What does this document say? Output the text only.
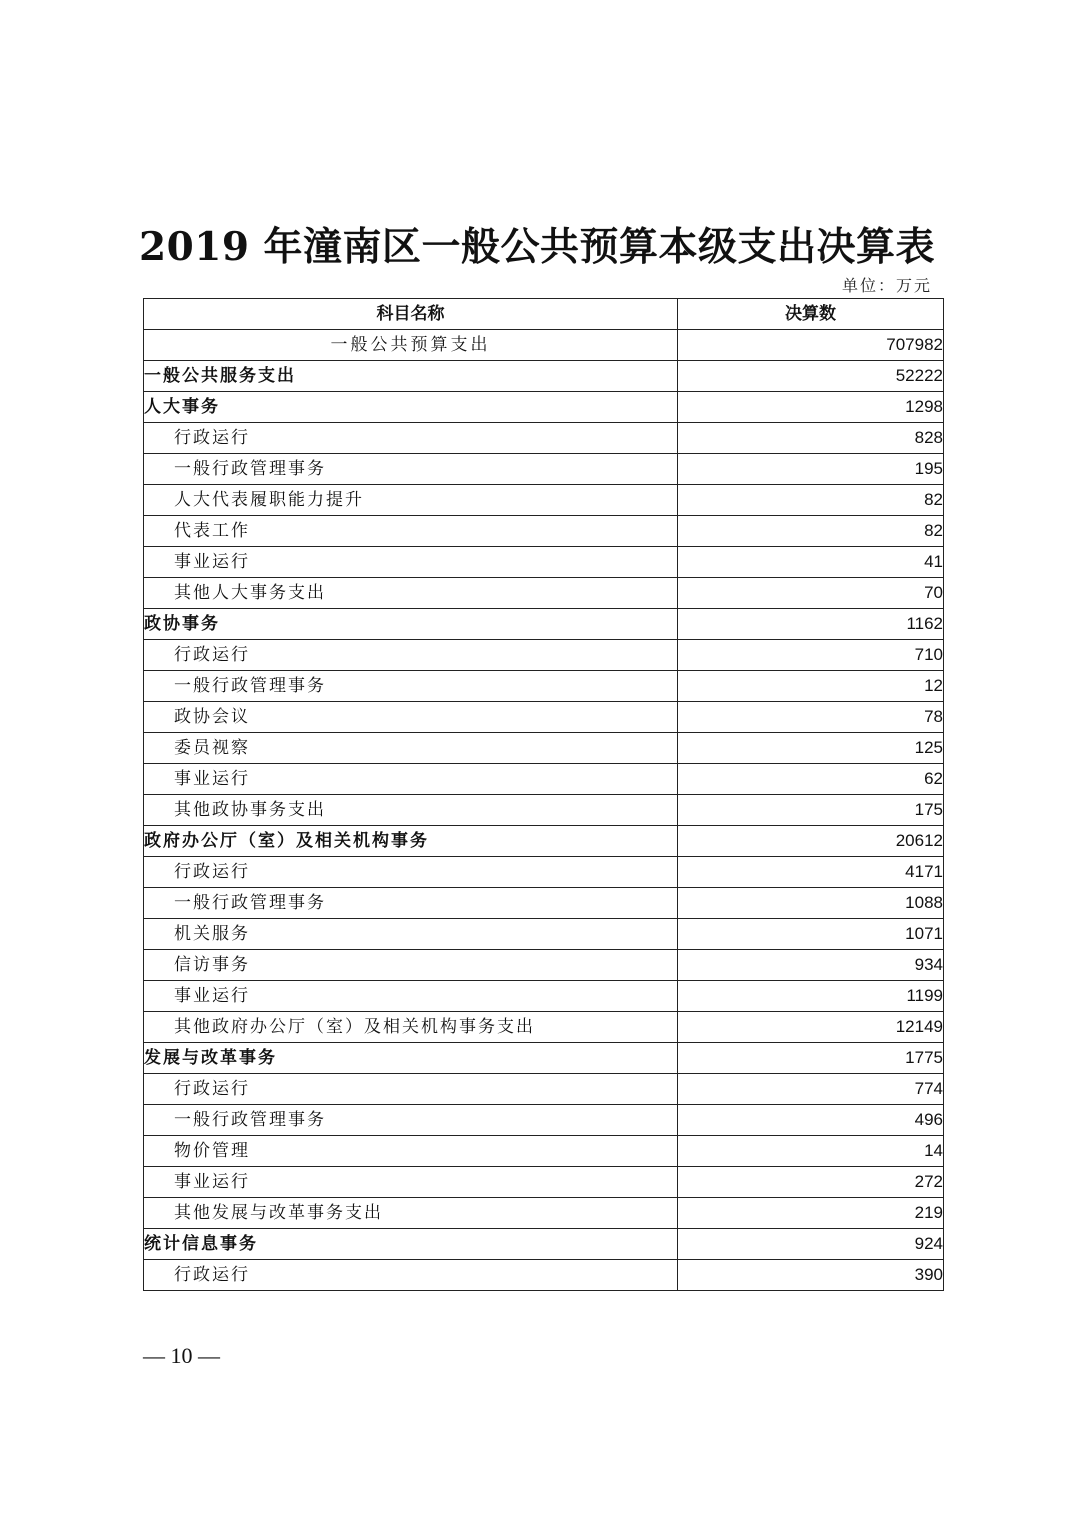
2019 年潼南区一般公共预算本级支出决算表
单位：万元
科目名称	决算数
一般公共预算支出	707982
一般公共服务支出	52222
人大事务	1298
行政运行	828
一般行政管理事务	195
人大代表履职能力提升	82
代表工作	82
事业运行	41
其他人大事务支出	70
政协事务	1162
行政运行	710
一般行政管理事务	12
政协会议	78
委员视察	125
事业运行	62
其他政协事务支出	175
政府办公厅（室）及相关机构事务	20612
行政运行	4171
一般行政管理事务	1088
机关服务	1071
信访事务	934
事业运行	1199
其他政府办公厅（室）及相关机构事务支出	12149
发展与改革事务	1775
行政运行	774
一般行政管理事务	496
物价管理	14
事业运行	272
其他发展与改革事务支出	219
统计信息事务	924
行政运行	390
— 10 —
